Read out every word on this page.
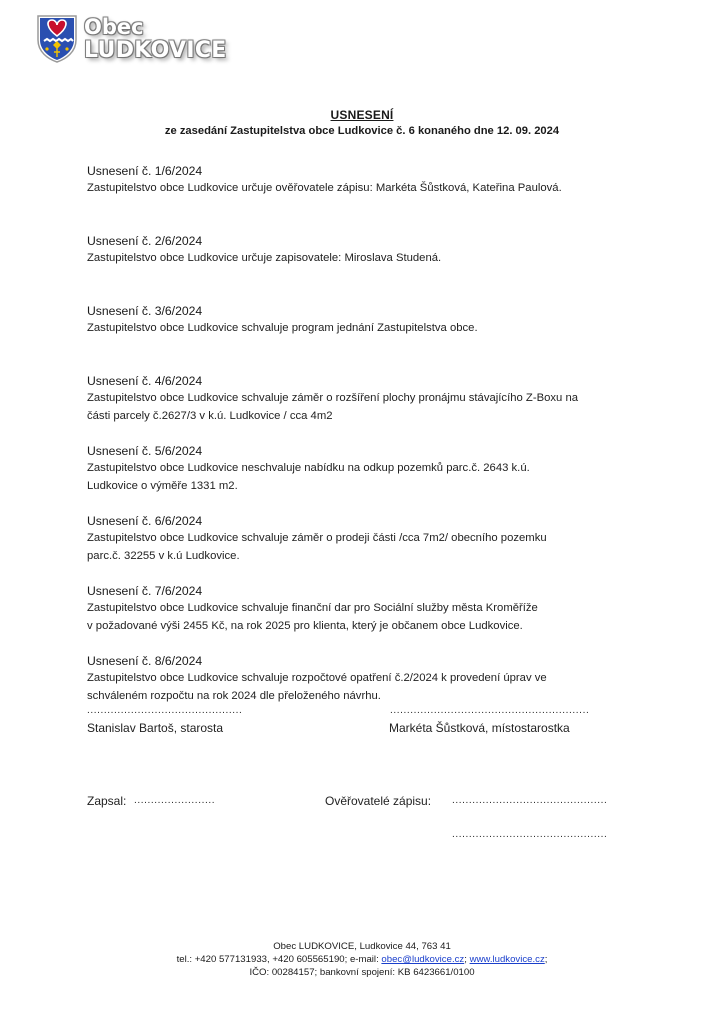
Obec
LUDKOVICE
USNESENÍ
ze zasedání Zastupitelstva obce Ludkovice č. 6 konaného dne 12. 09. 2024
Usnesení č. 1/6/2024
Zastupitelstvo obce Ludkovice určuje ověřovatele zápisu: Markéta Šůstková, Kateřina Paulová.
Usnesení č. 2/6/2024
Zastupitelstvo obce Ludkovice určuje zapisovatele: Miroslava Studená.
Usnesení č. 3/6/2024
Zastupitelstvo obce Ludkovice schvaluje program jednání Zastupitelstva obce.
Usnesení č. 4/6/2024
Zastupitelstvo obce Ludkovice schvaluje záměr o rozšíření plochy pronájmu stávajícího Z-Boxu na
části parcely č.2627/3 v k.ú. Ludkovice / cca 4m2
Usnesení č. 5/6/2024
Zastupitelstvo obce Ludkovice neschvaluje nabídku na odkup pozemků parc.č. 2643 k.ú.
Ludkovice o výměře 1331 m2.
Usnesení č. 6/6/2024
Zastupitelstvo obce Ludkovice schvaluje záměr o prodeji části /cca 7m2/ obecního pozemku
parc.č. 32255 v k.ú Ludkovice.
Usnesení č. 7/6/2024
Zastupitelstvo obce Ludkovice schvaluje finanční dar pro Sociální služby města Kroměříže
v požadované výši 2455 Kč, na rok 2025 pro klienta, který je občanem obce Ludkovice.
Usnesení č. 8/6/2024
Zastupitelstvo obce Ludkovice schvaluje rozpočtové opatření č.2/2024 k provedení úprav ve
schváleném rozpočtu na rok 2024 dle přeloženého návrhu.
..............................................
Stanislav Bartoš, starosta
...........................................................
Markéta Šůstková, místostarostka
Zapsal: ........................	Ověřovatelé zápisu: ..............................................
..............................................
Obec LUDKOVICE, Ludkovice 44, 763 41
tel.: +420 577131933, +420 605565190; e-mail: obec@ludkovice.cz; www.ludkovice.cz;
IČO: 00284157; bankovní spojení: KB 6423661/0100
